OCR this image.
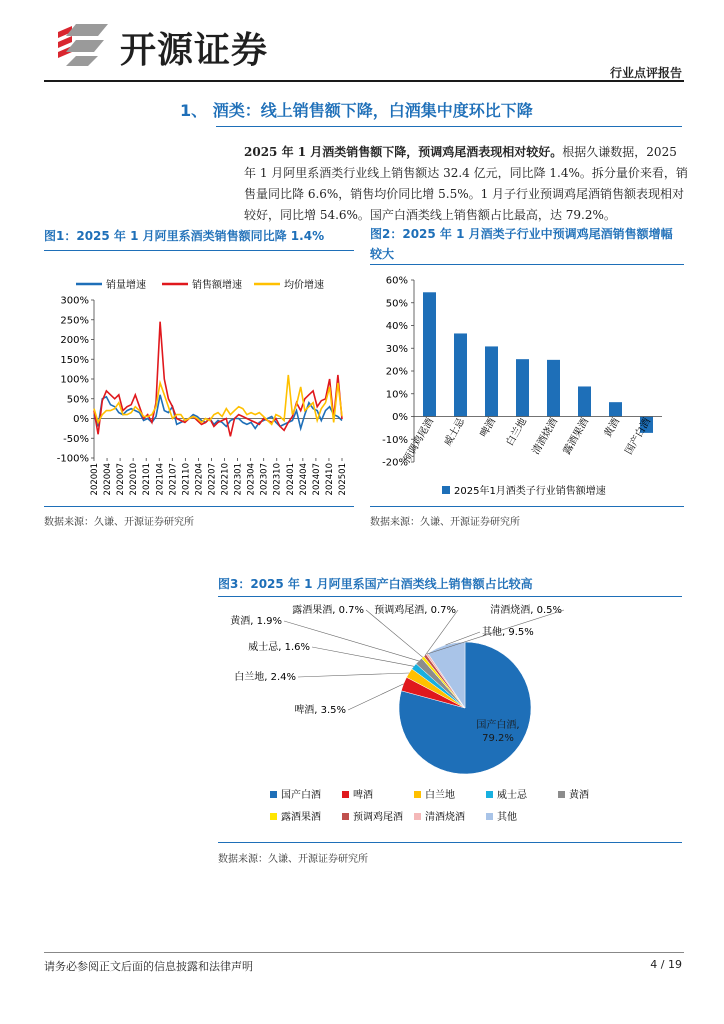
开源证券
行业点评报告
1、 酒类：线上销售额下降，白酒集中度环比下降
2025 年 1 月酒类销售额下降，预调鸡尾酒表现相对较好。根据久谦数据，2025 年 1 月阿里系酒类行业线上销售额达 32.4 亿元，同比降 1.4%。拆分量价来看，销售量同比降 6.6%，销售均价同比增 5.5%。1 月子行业预调鸡尾酒销售额表现相对较好，同比增 54.6%。国产白酒类线上销售额占比最高，达 79.2%。
图1：2025 年 1 月阿里系酒类销售额同比降 1.4%
数据来源：久谦、开源证券研究所
销量增速	销售额增速	均价增速
300%
250%
200%
150%
100%
50%
0%
-50%
-100%
202001 202004 202007 202010 202101 202104 202107 202110 202204 202207 202210 202301 202304 202307 202310 202401 202404 202407 202410 202501
图2：2025 年 1 月酒类子行业中预调鸡尾酒销售额增幅较大
数据来源：久谦、开源证券研究所
60%
50%
40%
30%
20%
10%
0%
-10%
-20%
预调鸡尾酒 威士忌 啤酒 白兰地 清酒烧酒 露酒果酒 黄酒 国产白酒
2025年1月酒类子行业销售额增速
图3：2025 年 1 月阿里系国产白酒类线上销售额占比较高
数据来源：久谦、开源证券研究所
国产白酒,
79.2%
啤酒, 3.5%
白兰地, 2.4%
威士忌, 1.6%
黄酒, 1.9%
露酒果酒, 0.7% 预调鸡尾酒, 0.7%	清酒烧酒, 0.5%
其他, 9.5%
国产白酒	啤酒	白兰地	威士忌	黄酒
露酒果酒	预调鸡尾酒 清酒烧酒	其他
请务必参阅正文后面的信息披露和法律声明	4 / 19
